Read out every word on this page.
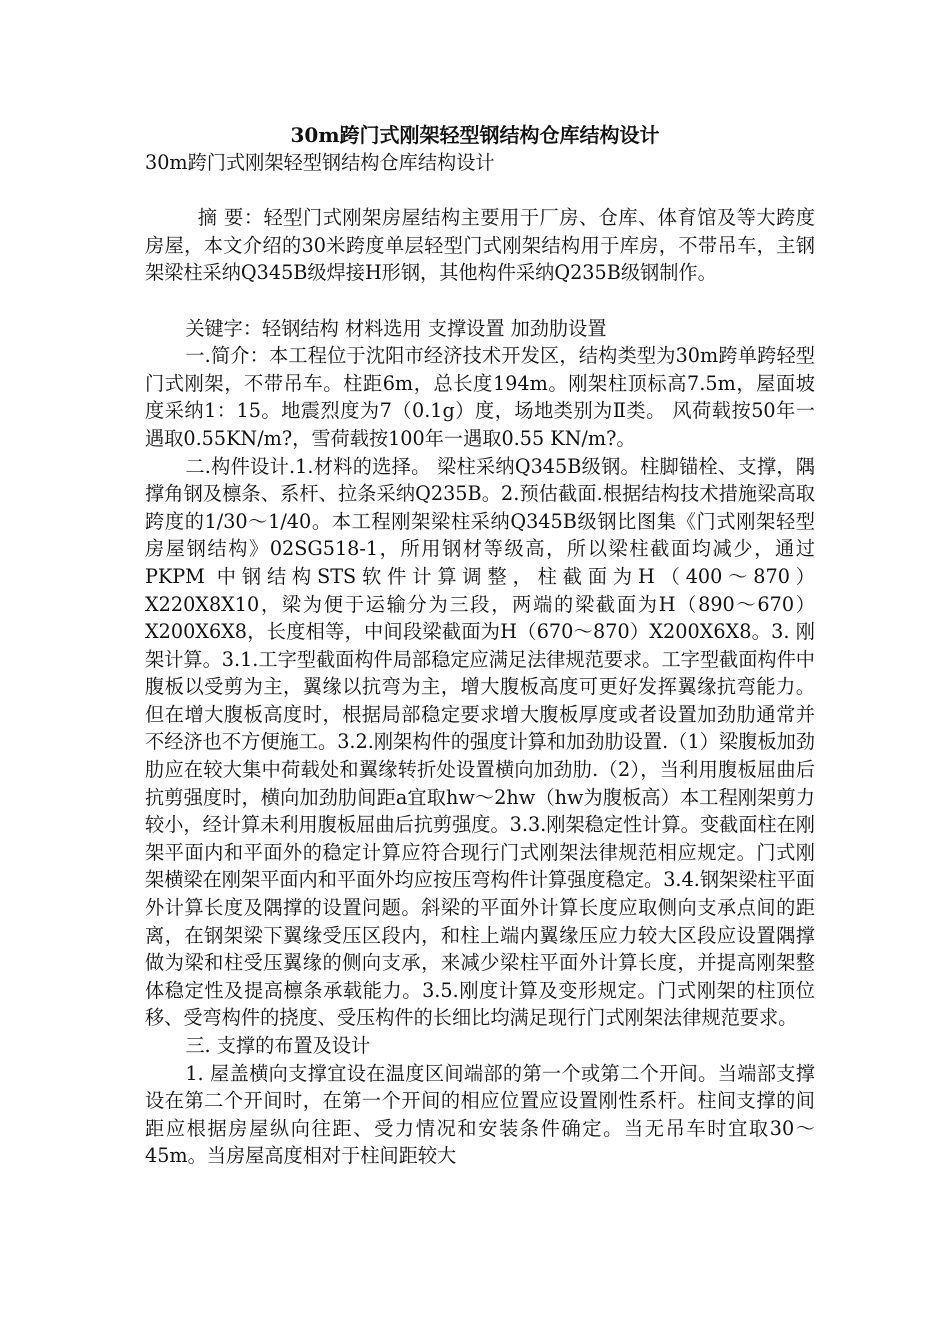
30m跨门式刚架轻型钢结构仓库结构设计

30m跨门式刚架轻型钢结构仓库结构设计

摘 要：轻型门式刚架房屋结构主要用于厂房、仓库、体育馆及等大跨度房屋，本文介绍的30米跨度单层轻型门式刚架结构用于库房，不带吊车，主钢架梁柱采纳Q345B级焊接H形钢，其他构件采纳Q235B级钢制作。

关键字：轻钢结构 材料选用 支撑设置 加劲肋设置

一.简介：本工程位于沈阳市经济技术开发区，结构类型为30m跨单跨轻型门式刚架，不带吊车。柱距6m，总长度194m。刚架柱顶标高7.5m，屋面坡度采纳1：15。地震烈度为7（0.1g）度，场地类别为Ⅱ类。 风荷载按50年一遇取0.55KN/m?，雪荷载按100年一遇取0.55 KN/m?。

二.构件设计.1.材料的选择。 梁柱采纳Q345B级钢。柱脚锚栓、支撑，隅撑角钢及檩条、系杆、拉条采纳Q235B。2.预估截面.根据结构技术措施梁高取跨度的1/30～1/40。本工程刚架梁柱采纳Q345B级钢比图集《门式刚架轻型房屋钢结构》02SG518-1，所用钢材等级高，所以梁柱截面均减少，通过PKPM 中钢结构STS软件计算调整，柱截面为H（400～870）X220X8X10，梁为便于运输分为三段，两端的梁截面为H（890～670）X200X6X8，长度相等，中间段梁截面为H（670～870）X200X6X8。3. 刚架计算。3.1.工字型截面构件局部稳定应满足法律规范要求。工字型截面构件中腹板以受剪为主，翼缘以抗弯为主，增大腹板高度可更好发挥翼缘抗弯能力。但在增大腹板高度时，根据局部稳定要求增大腹板厚度或者设置加劲肋通常并不经济也不方便施工。3.2.刚架构件的强度计算和加劲肋设置.（1）梁腹板加劲肋应在较大集中荷载处和翼缘转折处设置横向加劲肋.（2），当利用腹板屈曲后抗剪强度时，横向加劲肋间距a宜取hw～2hw（hw为腹板高）本工程刚架剪力较小，经计算未利用腹板屈曲后抗剪强度。3.3.刚架稳定性计算。变截面柱在刚架平面内和平面外的稳定计算应符合现行门式刚架法律规范相应规定。门式刚架横梁在刚架平面内和平面外均应按压弯构件计算强度稳定。3.4.钢架梁柱平面外计算长度及隅撑的设置问题。斜梁的平面外计算长度应取侧向支承点间的距离，在钢架梁下翼缘受压区段内，和柱上端内翼缘压应力较大区段应设置隅撑做为梁和柱受压翼缘的侧向支承，来减少梁柱平面外计算长度，并提高刚架整体稳定性及提高檩条承载能力。3.5.刚度计算及变形规定。门式刚架的柱顶位移、受弯构件的挠度、受压构件的长细比均满足现行门式刚架法律规范要求。

三. 支撑的布置及设计

1. 屋盖横向支撑宜设在温度区间端部的第一个或第二个开间。当端部支撑设在第二个开间时，在第一个开间的相应位置应设置刚性系杆。柱间支撑的间距应根据房屋纵向往距、受力情况和安装条件确定。当无吊车时宜取30～45m。当房屋高度相对于柱间距较大
